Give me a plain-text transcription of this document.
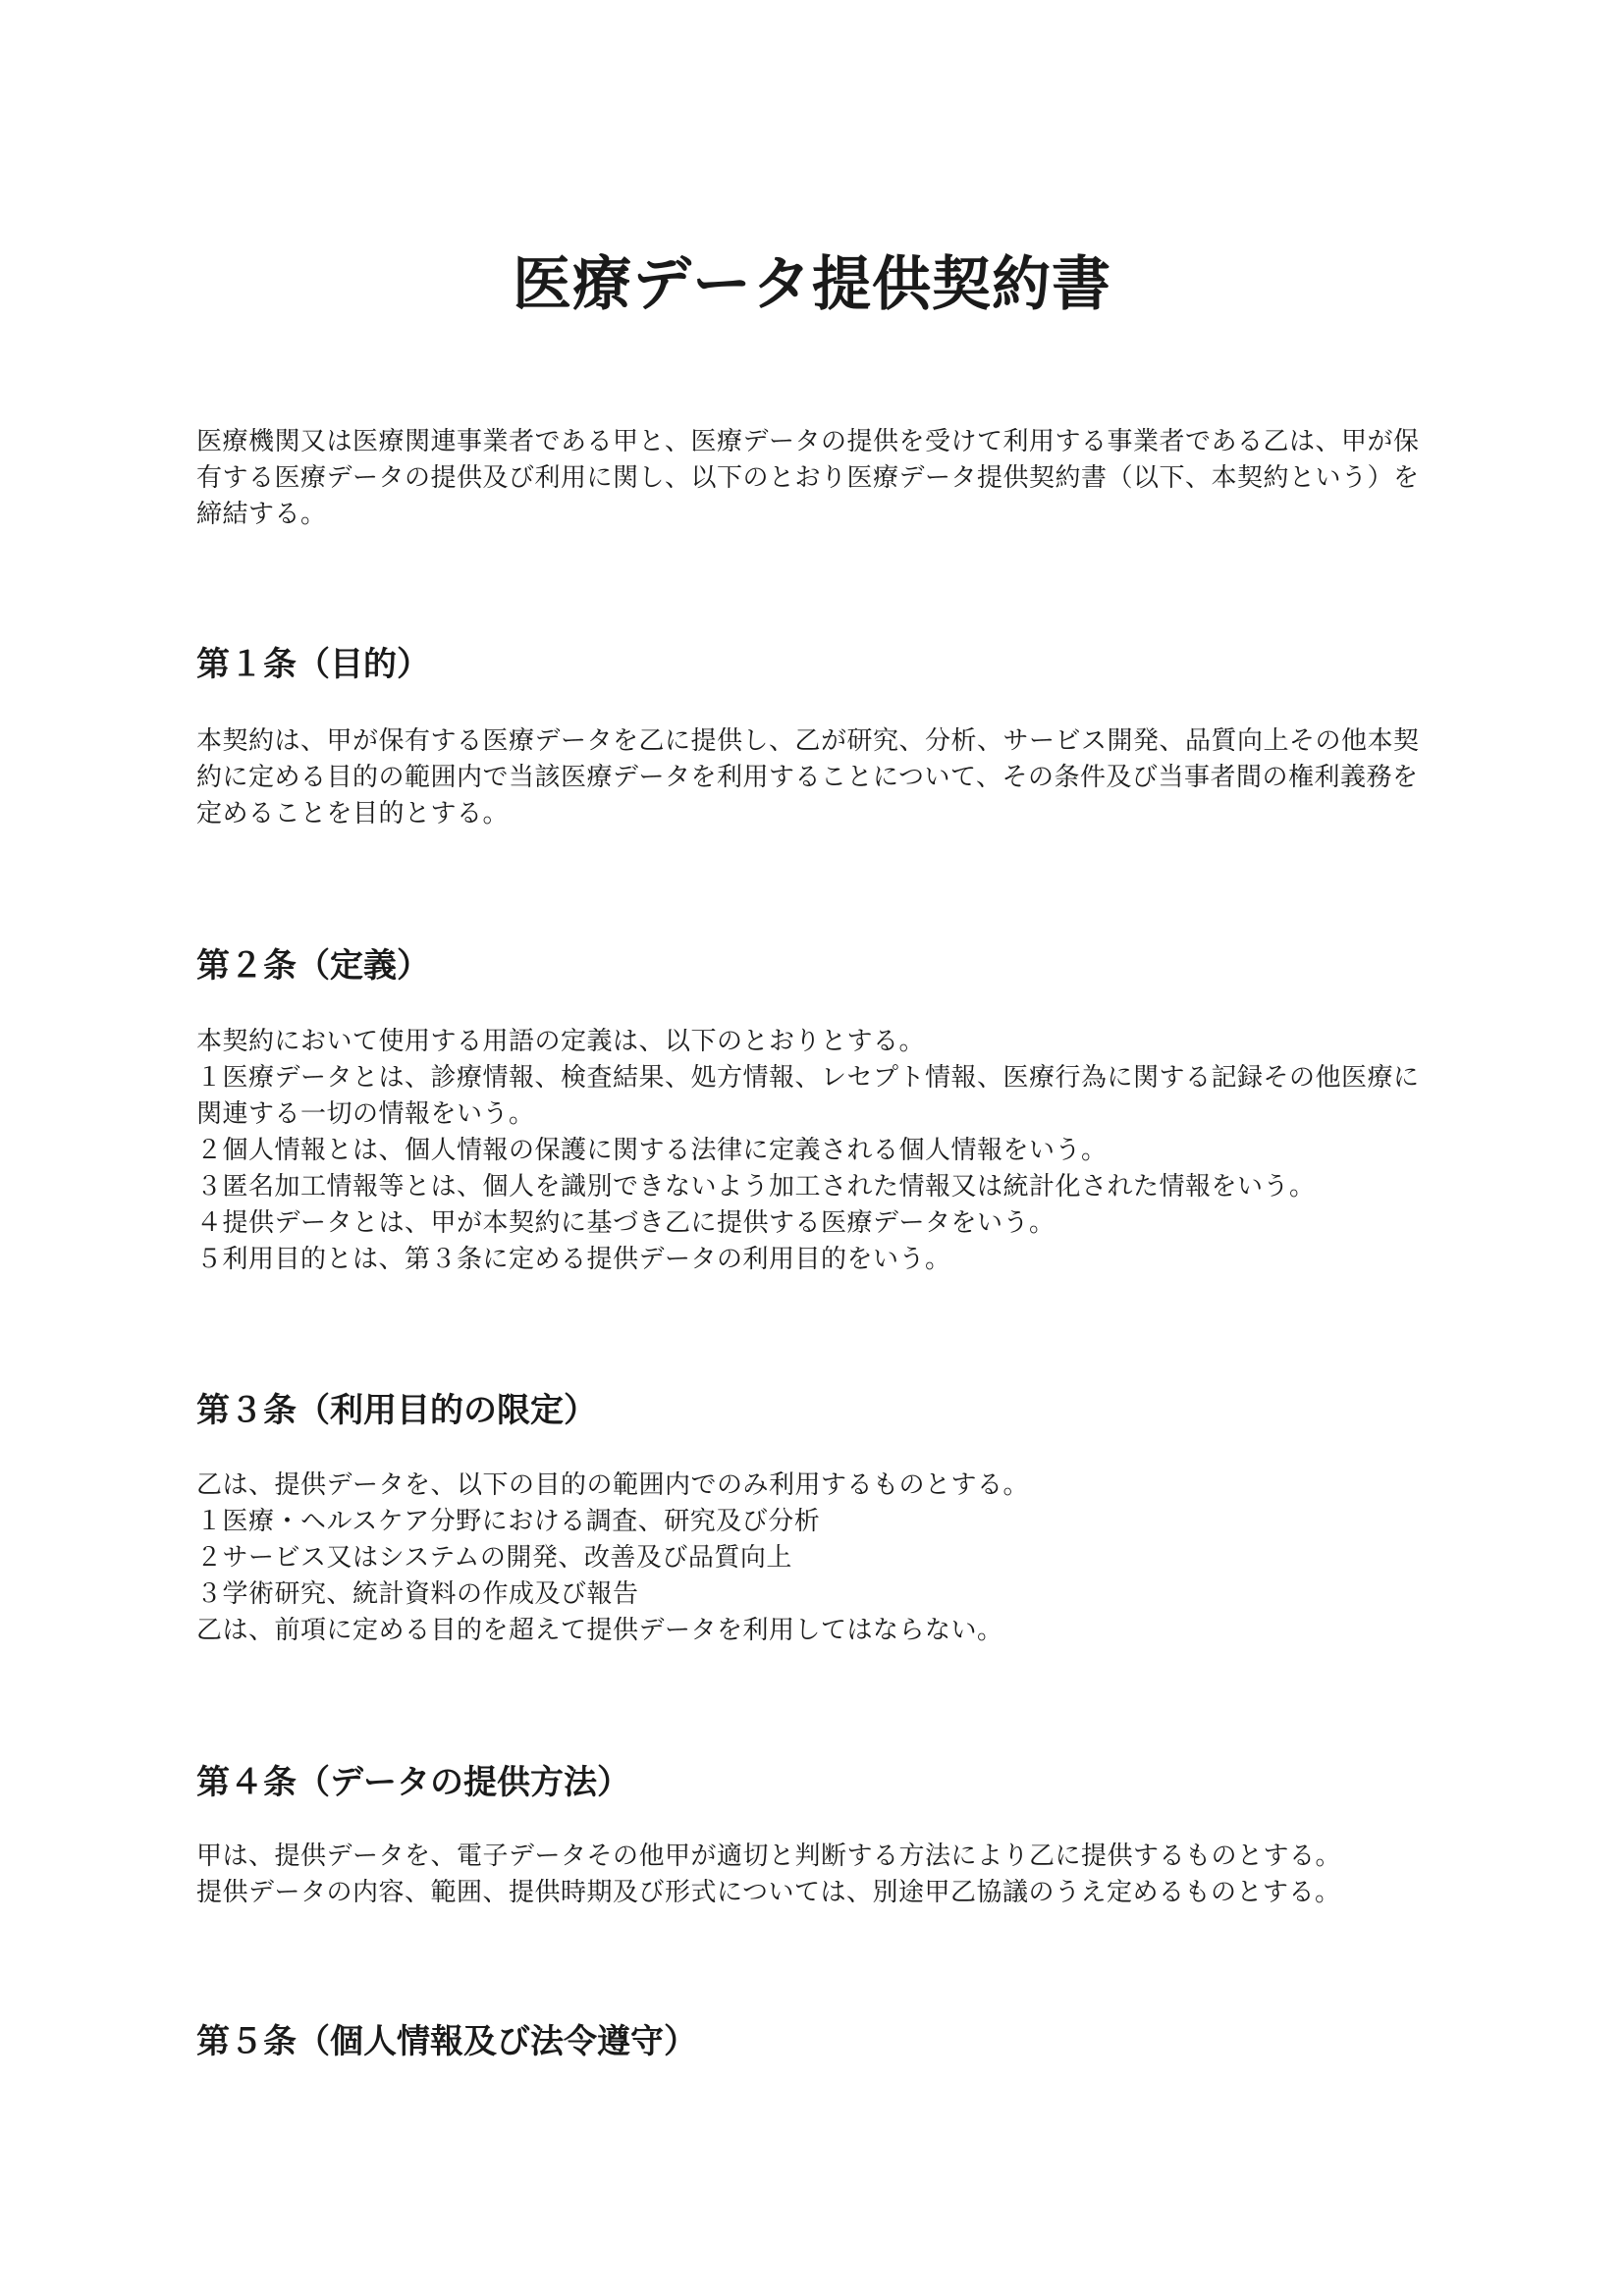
医療データ提供契約書

医療機関又は医療関連事業者である甲と、医療データの提供を受けて利用する事業者である乙は、甲が保有する医療データの提供及び利用に関し、以下のとおり医療データ提供契約書（以下、本契約という）を締結する。

第１条（目的）

本契約は、甲が保有する医療データを乙に提供し、乙が研究、分析、サービス開発、品質向上その他本契約に定める目的の範囲内で当該医療データを利用することについて、その条件及び当事者間の権利義務を定めることを目的とする。

第２条（定義）

本契約において使用する用語の定義は、以下のとおりとする。

１医療データとは、診療情報、検査結果、処方情報、レセプト情報、医療行為に関する記録その他医療に関連する一切の情報をいう。

２個人情報とは、個人情報の保護に関する法律に定義される個人情報をいう。

３匿名加工情報等とは、個人を識別できないよう加工された情報又は統計化された情報をいう。

４提供データとは、甲が本契約に基づき乙に提供する医療データをいう。

５利用目的とは、第３条に定める提供データの利用目的をいう。

第３条（利用目的の限定）

乙は、提供データを、以下の目的の範囲内でのみ利用するものとする。

１医療・ヘルスケア分野における調査、研究及び分析

２サービス又はシステムの開発、改善及び品質向上

３学術研究、統計資料の作成及び報告

乙は、前項に定める目的を超えて提供データを利用してはならない。

第４条（データの提供方法）

甲は、提供データを、電子データその他甲が適切と判断する方法により乙に提供するものとする。

提供データの内容、範囲、提供時期及び形式については、別途甲乙協議のうえ定めるものとする。

第５条（個人情報及び法令遵守）
